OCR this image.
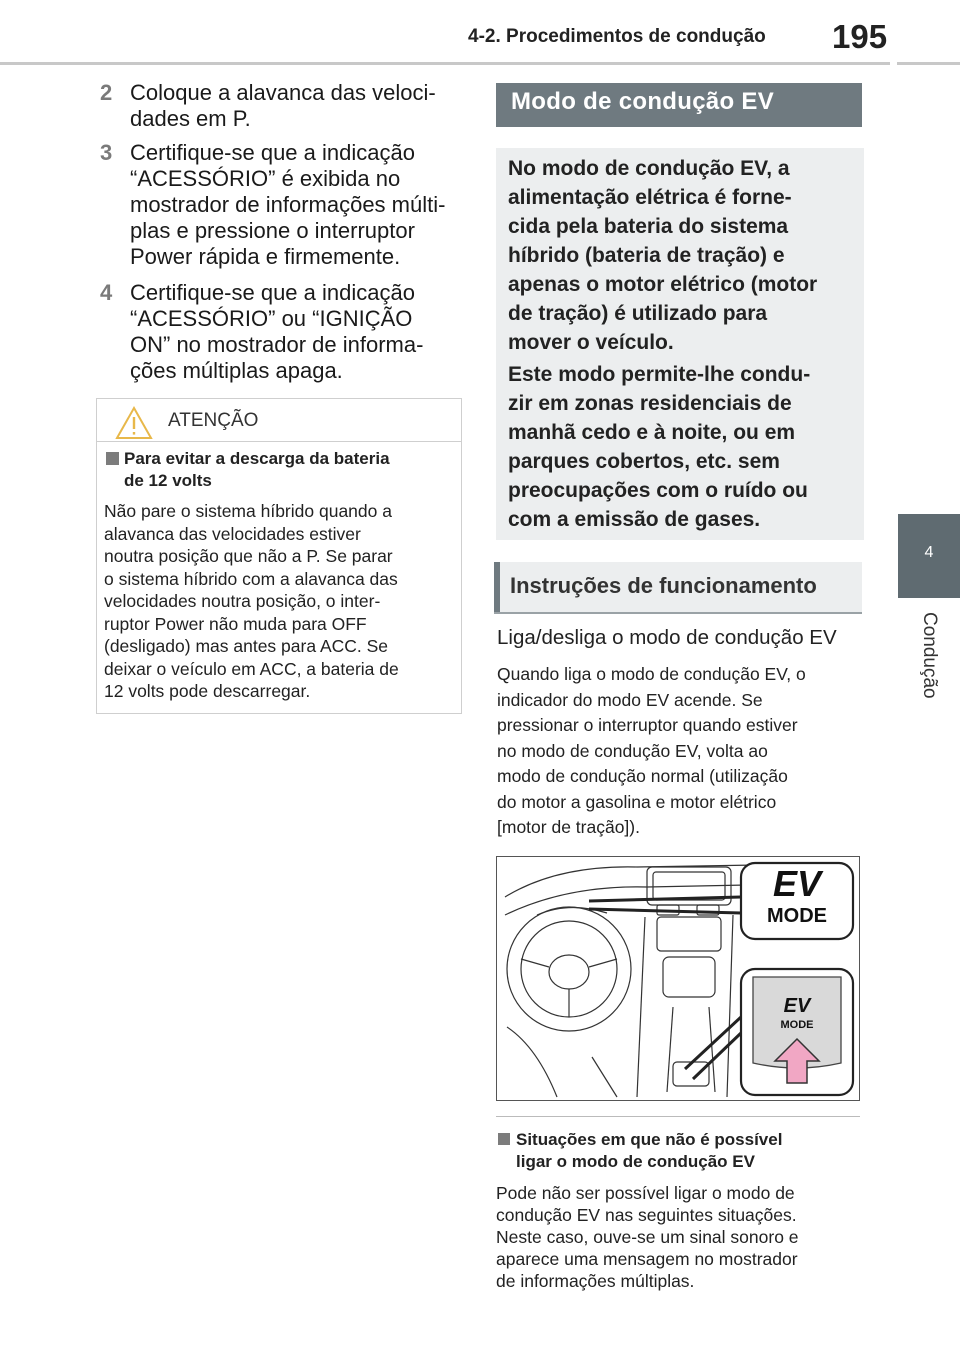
4-2. Procedimentos de condução 195
4
Condução
2 Coloque a alavanca das veloci-
dades em P.
3 Certifique-se que a indicação
“ACESSÓRIO” é exibida no
mostrador de informações múlti-
plas e pressione o interruptor
Power rápida e firmemente.
4 Certifique-se que a indicação
“ACESSÓRIO” ou “IGNIÇÃO
ON” no mostrador de informa-
ções múltiplas apaga.
ATENÇÃO
Para evitar a descarga da bateria
de 12 volts
Não pare o sistema híbrido quando a
alavanca das velocidades estiver
noutra posição que não a P. Se parar
o sistema híbrido com a alavanca das
velocidades noutra posição, o inter-
ruptor Power não muda para OFF
(desligado) mas antes para ACC. Se
deixar o veículo em ACC, a bateria de
12 volts pode descarregar.
Modo de condução EV
No modo de condução EV, a
alimentação elétrica é forne-
cida pela bateria do sistema
híbrido (bateria de tração) e
apenas o motor elétrico (motor
de tração) é utilizado para
mover o veículo.
Este modo permite-lhe condu-
zir em zonas residenciais de
manhã cedo e à noite, ou em
parques cobertos, etc. sem
preocupações com o ruído ou
com a emissão de gases.
Instruções de funcionamento
Liga/desliga o modo de condução EV
Quando liga o modo de condução EV, o
indicador do modo EV acende. Se
pressionar o interruptor quando estiver
no modo de condução EV, volta ao
modo de condução normal (utilização
do motor a gasolina e motor elétrico
[motor de tração]).
EV
MODE
EV
MODE
Situações em que não é possível
ligar o modo de condução EV
Pode não ser possível ligar o modo de
condução EV nas seguintes situações.
Neste caso, ouve-se um sinal sonoro e
aparece uma mensagem no mostrador
de informações múltiplas.
